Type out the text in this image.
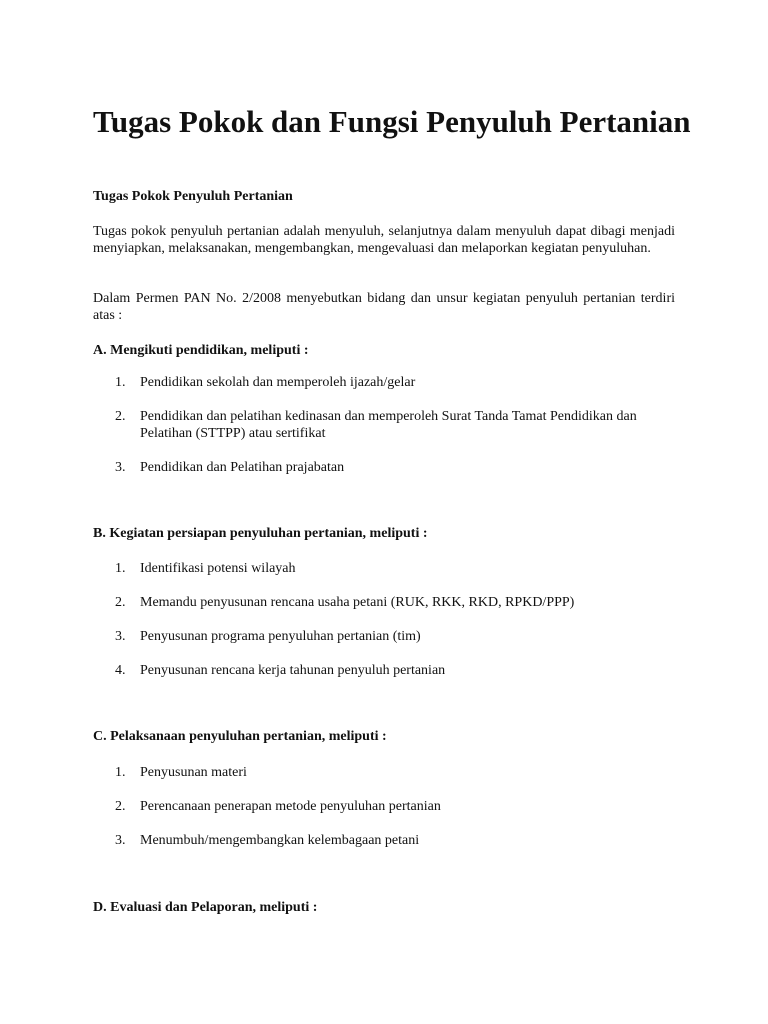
Tugas Pokok dan Fungsi Penyuluh Pertanian
Tugas Pokok Penyuluh Pertanian
Tugas pokok penyuluh pertanian adalah menyuluh, selanjutnya dalam menyuluh dapat dibagi menjadi menyiapkan, melaksanakan, mengembangkan, mengevaluasi dan melaporkan kegiatan penyuluhan.
Dalam Permen PAN No. 2/2008 menyebutkan bidang dan unsur kegiatan penyuluh pertanian terdiri atas :
A. Mengikuti pendidikan, meliputi :
1.	Pendidikan sekolah dan memperoleh ijazah/gelar
2.	Pendidikan dan pelatihan kedinasan dan memperoleh Surat Tanda Tamat Pendidikan dan Pelatihan (STTPP) atau sertifikat
3.	Pendidikan dan Pelatihan prajabatan
B. Kegiatan persiapan penyuluhan pertanian, meliputi :
1.	Identifikasi potensi wilayah
2.	Memandu penyusunan rencana usaha petani (RUK, RKK, RKD, RPKD/PPP)
3.	Penyusunan programa penyuluhan pertanian (tim)
4.	Penyusunan rencana kerja tahunan penyuluh pertanian
C. Pelaksanaan penyuluhan pertanian, meliputi :
1.	Penyusunan materi
2.	Perencanaan penerapan metode penyuluhan pertanian
3.	Menumbuh/mengembangkan kelembagaan petani
D. Evaluasi dan Pelaporan, meliputi :
